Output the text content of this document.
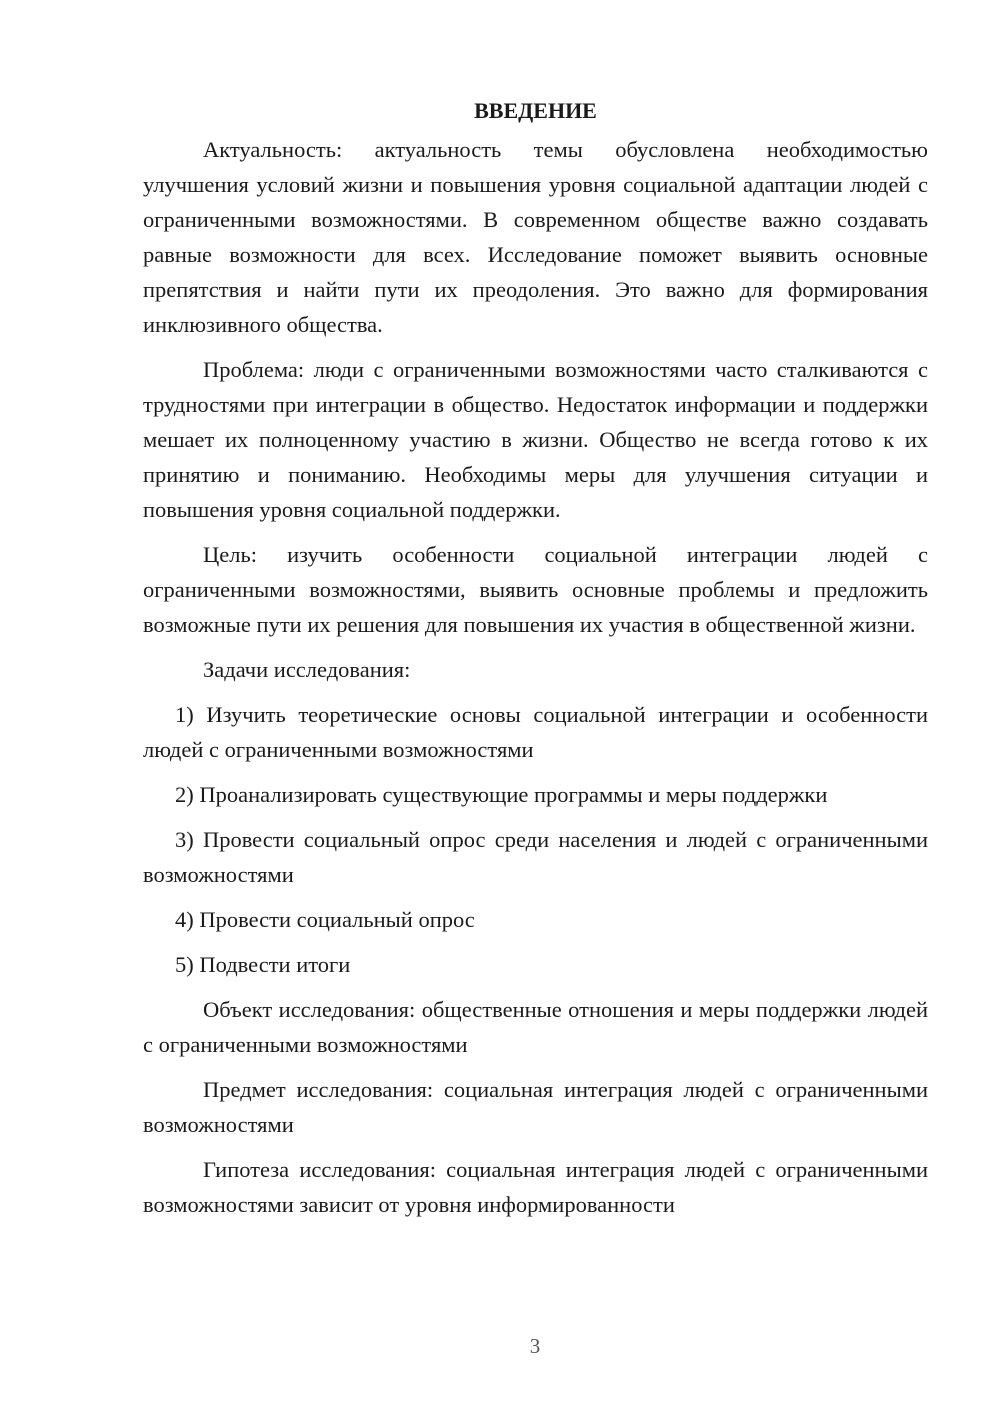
ВВЕДЕНИЕ

Актуальность: актуальность темы обусловлена необходимостью улучшения условий жизни и повышения уровня социальной адаптации людей с ограниченными возможностями. В современном обществе важно создавать равные возможности для всех. Исследование поможет выявить основные препятствия и найти пути их преодоления. Это важно для формирования инклюзивного общества.

Проблема: люди с ограниченными возможностями часто сталкиваются с трудностями при интеграции в общество. Недостаток информации и поддержки мешает их полноценному участию в жизни. Общество не всегда готово к их принятию и пониманию. Необходимы меры для улучшения ситуации и повышения уровня социальной поддержки.

Цель: изучить особенности социальной интеграции людей с ограниченными возможностями, выявить основные проблемы и предложить возможные пути их решения для повышения их участия в общественной жизни.

Задачи исследования:

1) Изучить теоретические основы социальной интеграции и особенности людей с ограниченными возможностями

2) Проанализировать существующие программы и меры поддержки

3) Провести социальный опрос среди населения и людей с ограниченными возможностями

4) Провести социальный опрос

5) Подвести итоги

Объект исследования: общественные отношения и меры поддержки людей с ограниченными возможностями

Предмет исследования: социальная интеграция людей с ограниченными возможностями

Гипотеза исследования: социальная интеграция людей с ограниченными возможностями зависит от уровня информированности

3
